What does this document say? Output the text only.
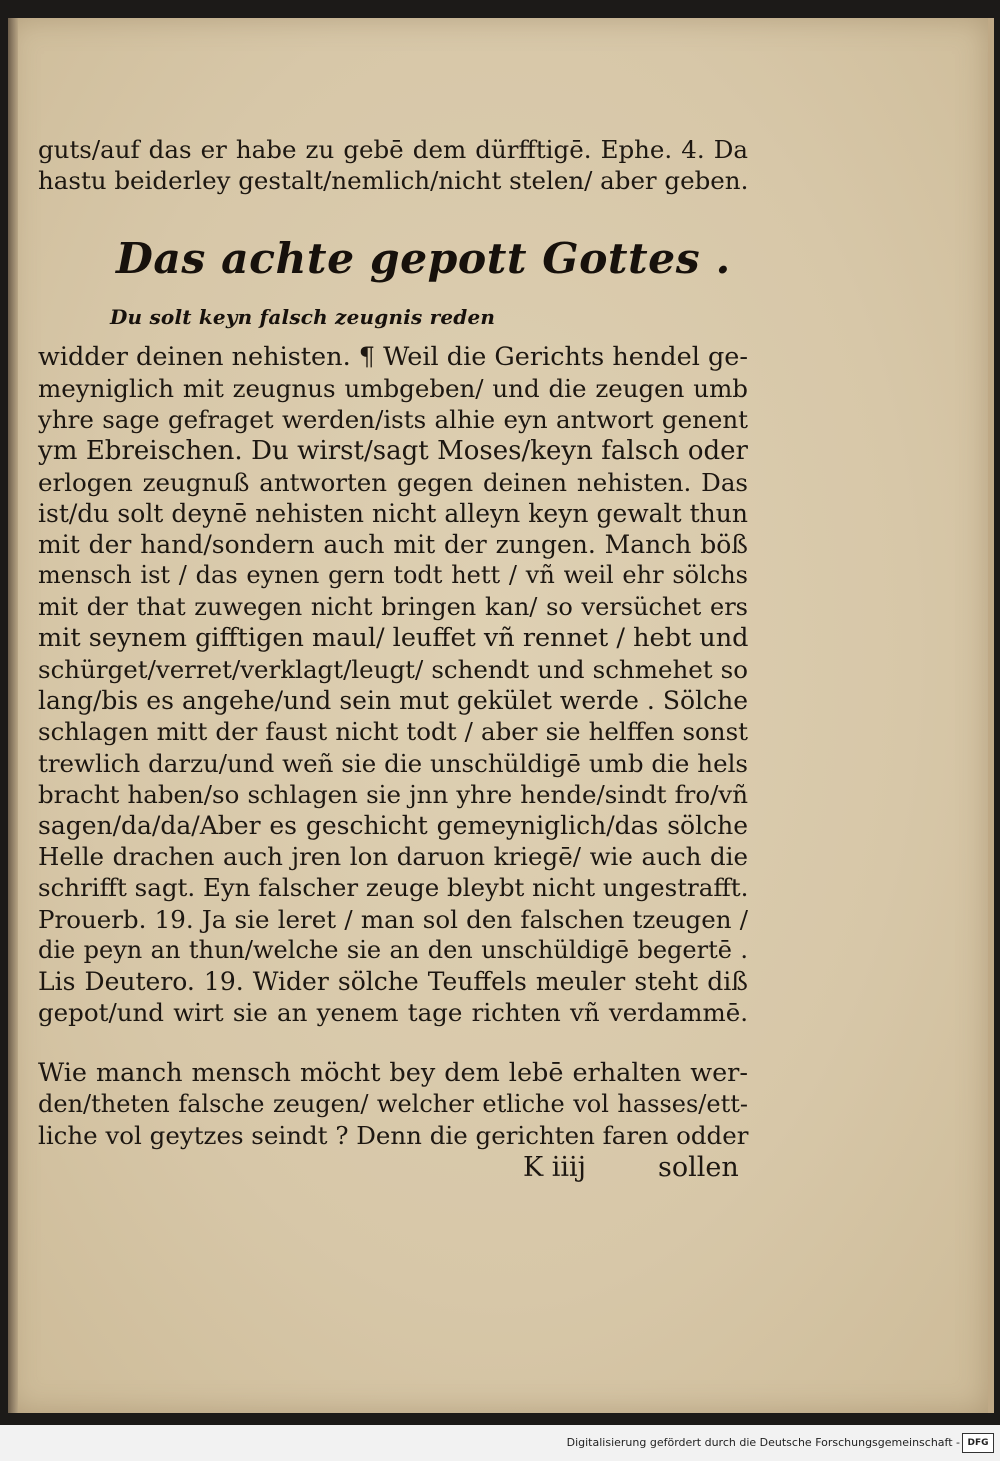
guts/auf das er habe zu gebē dem dürfftigē. Ephe. 4. Da
hastu beiderley gestalt/nemlich/nicht stelen/ aber geben.

Das achte gepott Gottes .
Du solt keyn falsch zeugnis reden

widder deinen nehisten. ¶ Weil die Gerichts hendel ge-
meyniglich mit zeugnus umbgeben/ und die zeugen umb
yhre sage gefraget werden/ists alhie eyn antwort genent
ym Ebreischen. Du wirst/sagt Moses/keyn falsch oder
erlogen zeugnuß antworten gegen deinen nehisten. Das
ist/du solt deynē nehisten nicht alleyn keyn gewalt thun
mit der hand/sondern auch mit der zungen. Manch böß
mensch ist / das eynen gern todt hett / vñ weil ehr sölchs
mit der that zuwegen nicht bringen kan/ so versüchet ers
mit seynem gifftigen maul/ leuffet vñ rennet / hebt und
schürget/verret/verklagt/leugt/ schendt und schmehet so
lang/bis es angehe/und sein mut gekület werde . Sölche
schlagen mitt der faust nicht todt / aber sie helffen sonst
trewlich darzu/und weñ sie die unschüldigē umb die hels
bracht haben/so schlagen sie jnn yhre hende/sindt fro/vñ
sagen/da/da/Aber es geschicht gemeyniglich/das sölche
Helle drachen auch jren lon daruon kriegē/ wie auch die
schrifft sagt. Eyn falscher zeuge bleybt nicht ungestrafft.
Prouerb. 19. Ja sie leret / man sol den falschen tzeugen /
die peyn an thun/welche sie an den unschüldigē begertē .
Lis Deutero. 19. Wider sölche Teuffels meuler steht diß
gepot/und wirt sie an yenem tage richten vñ verdammē.

Wie manch mensch möcht bey dem lebē erhalten wer-
den/theten falsche zeugen/ welcher etliche vol hasses/ett-
liche vol geytzes seindt ? Denn die gerichten faren odder

K iiij	sollen
Digitalisierung gefördert durch die Deutsche Forschungsgemeinschaft - DFG
